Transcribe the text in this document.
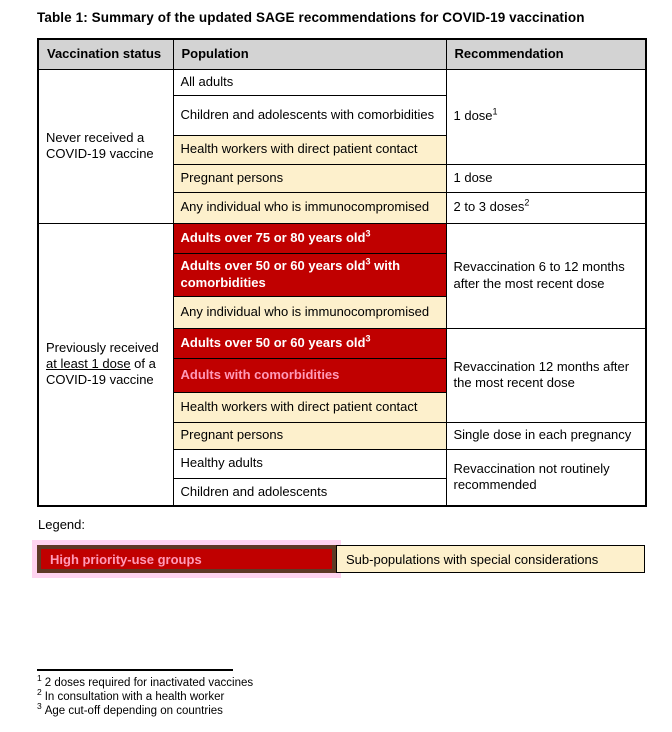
Table 1: Summary of the updated SAGE recommendations for COVID-19 vaccination
Vaccination status	Population	Recommendation
Never received a COVID-19 vaccine	All adults	1 dose$^1$
	Children and adolescents with comorbidities	
	Health workers with direct patient contact	
	Pregnant persons	1 dose
	Any individual who is immunocompromised	2 to 3 doses$^2$
Previously received at least 1 dose of a COVID-19 vaccine	Adults over 75 or 80 years old$^3$	Revaccination 6 to 12 months after the most recent dose
	Adults over 50 or 60 years old$^3$ with comorbidities	
	Any individual who is immunocompromised	
	Adults over 50 or 60 years old$^3$	Revaccination 12 months after the most recent dose
	Adults with comorbidities	
	Health workers with direct patient contact	
	Pregnant persons	Single dose in each pregnancy
	Healthy adults	Revaccination not routinely recommended
	Children and adolescents	
Legend:
High priority-use groups	Sub-populations with special considerations
$^1$ 2 doses required for inactivated vaccines
$^2$ In consultation with a health worker
$^3$ Age cut-off depending on countries
